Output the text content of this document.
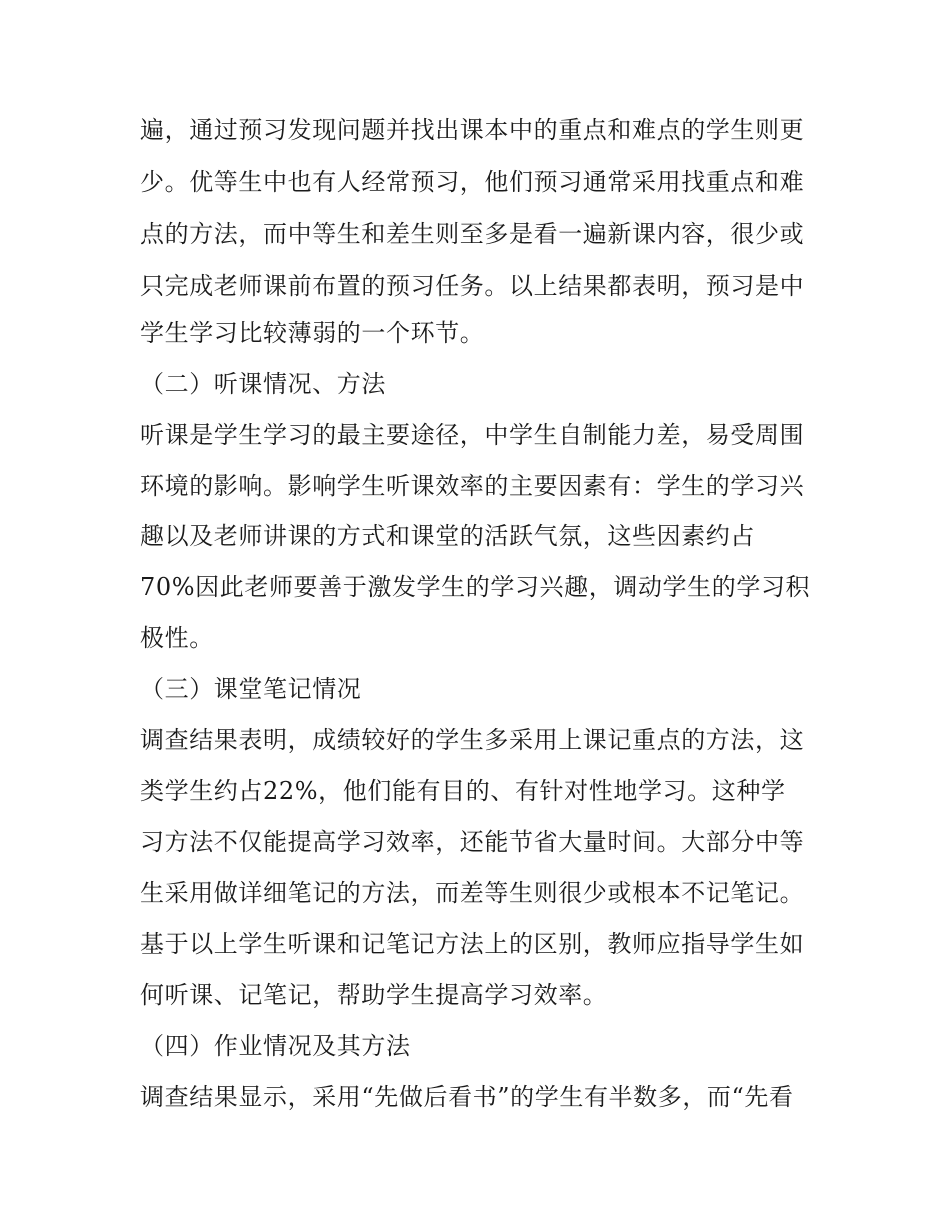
遍，通过预习发现问题并找出课本中的重点和难点的学生则更
少。优等生中也有人经常预习，他们预习通常采用找重点和难
点的方法，而中等生和差生则至多是看一遍新课内容，很少或
只完成老师课前布置的预习任务。以上结果都表明，预习是中
学生学习比较薄弱的一个环节。
（二）听课情况、方法
听课是学生学习的最主要途径，中学生自制能力差，易受周围
环境的影响。影响学生听课效率的主要因素有：学生的学习兴
趣以及老师讲课的方式和课堂的活跃气氛，这些因素约占
70%因此老师要善于激发学生的学习兴趣，调动学生的学习积
极性。
（三）课堂笔记情况
调查结果表明，成绩较好的学生多采用上课记重点的方法，这
类学生约占22%，他们能有目的、有针对性地学习。这种学
习方法不仅能提高学习效率，还能节省大量时间。大部分中等
生采用做详细笔记的方法，而差等生则很少或根本不记笔记。
基于以上学生听课和记笔记方法上的区别，教师应指导学生如
何听课、记笔记，帮助学生提高学习效率。
（四）作业情况及其方法
调查结果显示，采用“先做后看书”的学生有半数多，而“先看
